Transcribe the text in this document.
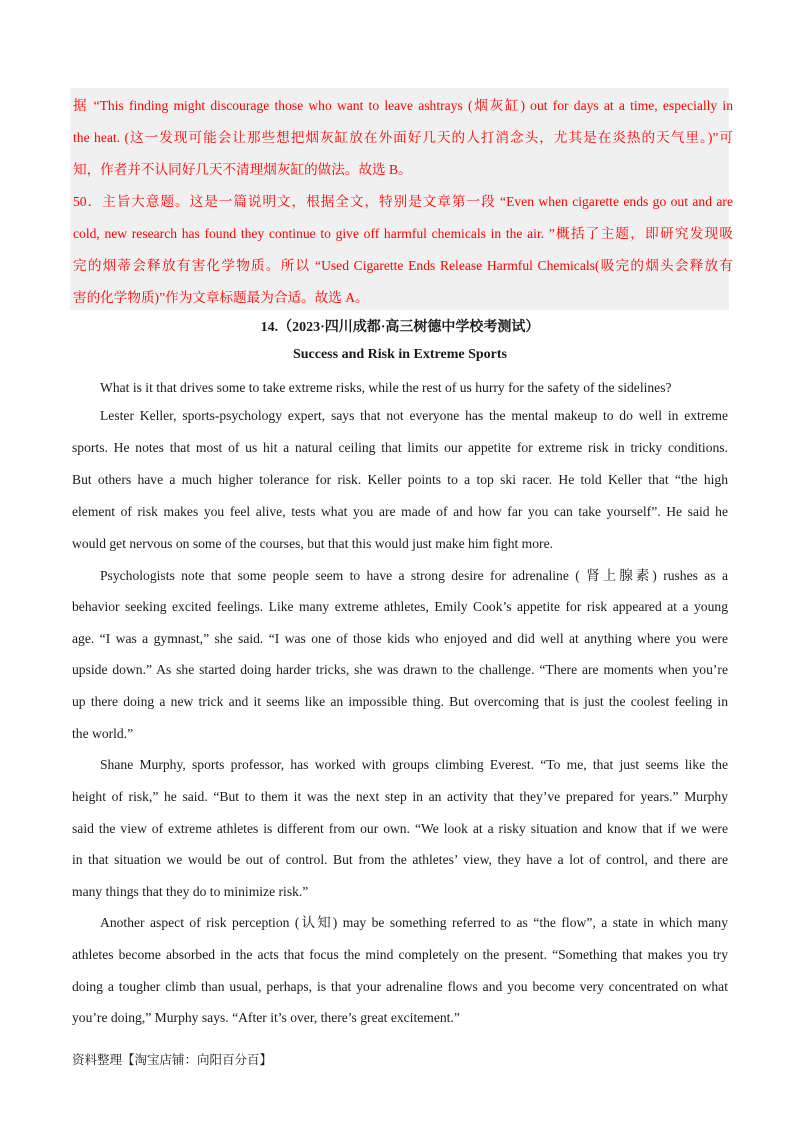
据 “This finding might discourage those who want to leave ashtrays (烟灰缸) out for days at a time, especially in
the heat. (这一发现可能会让那些想把烟灰缸放在外面好几天的人打消念头，尤其是在炎热的天气里。)”可
知，作者并不认同好几天不清理烟灰缸的做法。故选 B。
50．主旨大意题。这是一篇说明文，根据全文，特别是文章第一段 “Even when cigarette ends go out and are
cold, new research has found they continue to give off harmful chemicals in the air. ”概括了主题，即研究发现吸
完的烟蒂会释放有害化学物质。所以 “Used Cigarette Ends Release Harmful Chemicals(吸完的烟头会释放有
害的化学物质)”作为文章标题最为合适。故选 A。
14.（2023·四川成都·高三树德中学校考测试）
Success and Risk in Extreme Sports
What is it that drives some to take extreme risks, while the rest of us hurry for the safety of the sidelines?
Lester Keller, sports-psychology expert, says that not everyone has the mental makeup to do well in extreme
sports. He notes that most of us hit a natural ceiling that limits our appetite for extreme risk in tricky conditions.
But others have a much higher tolerance for risk. Keller points to a top ski racer. He told Keller that “the high
element of risk makes you feel alive, tests what you are made of and how far you can take yourself”. He said he
would get nervous on some of the courses, but that this would just make him fight more.
Psychologists note that some people seem to have a strong desire for adrenaline ( 肾上腺素) rushes as a
behavior seeking excited feelings. Like many extreme athletes, Emily Cook’s appetite for risk appeared at a young
age. “I was a gymnast,” she said. “I was one of those kids who enjoyed and did well at anything where you were
upside down.” As she started doing harder tricks, she was drawn to the challenge. “There are moments when you’re
up there doing a new trick and it seems like an impossible thing. But overcoming that is just the coolest feeling in
the world.”
Shane Murphy, sports professor, has worked with groups climbing Everest. “To me, that just seems like the
height of risk,” he said. “But to them it was the next step in an activity that they’ve prepared for years.” Murphy
said the view of extreme athletes is different from our own. “We look at a risky situation and know that if we were
in that situation we would be out of control. But from the athletes’ view, they have a lot of control, and there are
many things that they do to minimize risk.”
Another aspect of risk perception (认知) may be something referred to as “the flow”, a state in which many
athletes become absorbed in the acts that focus the mind completely on the present. “Something that makes you try
doing a tougher climb than usual, perhaps, is that your adrenaline flows and you become very concentrated on what
you’re doing,” Murphy says. “After it’s over, there’s great excitement.”
资料整理【淘宝店铺：向阳百分百】
